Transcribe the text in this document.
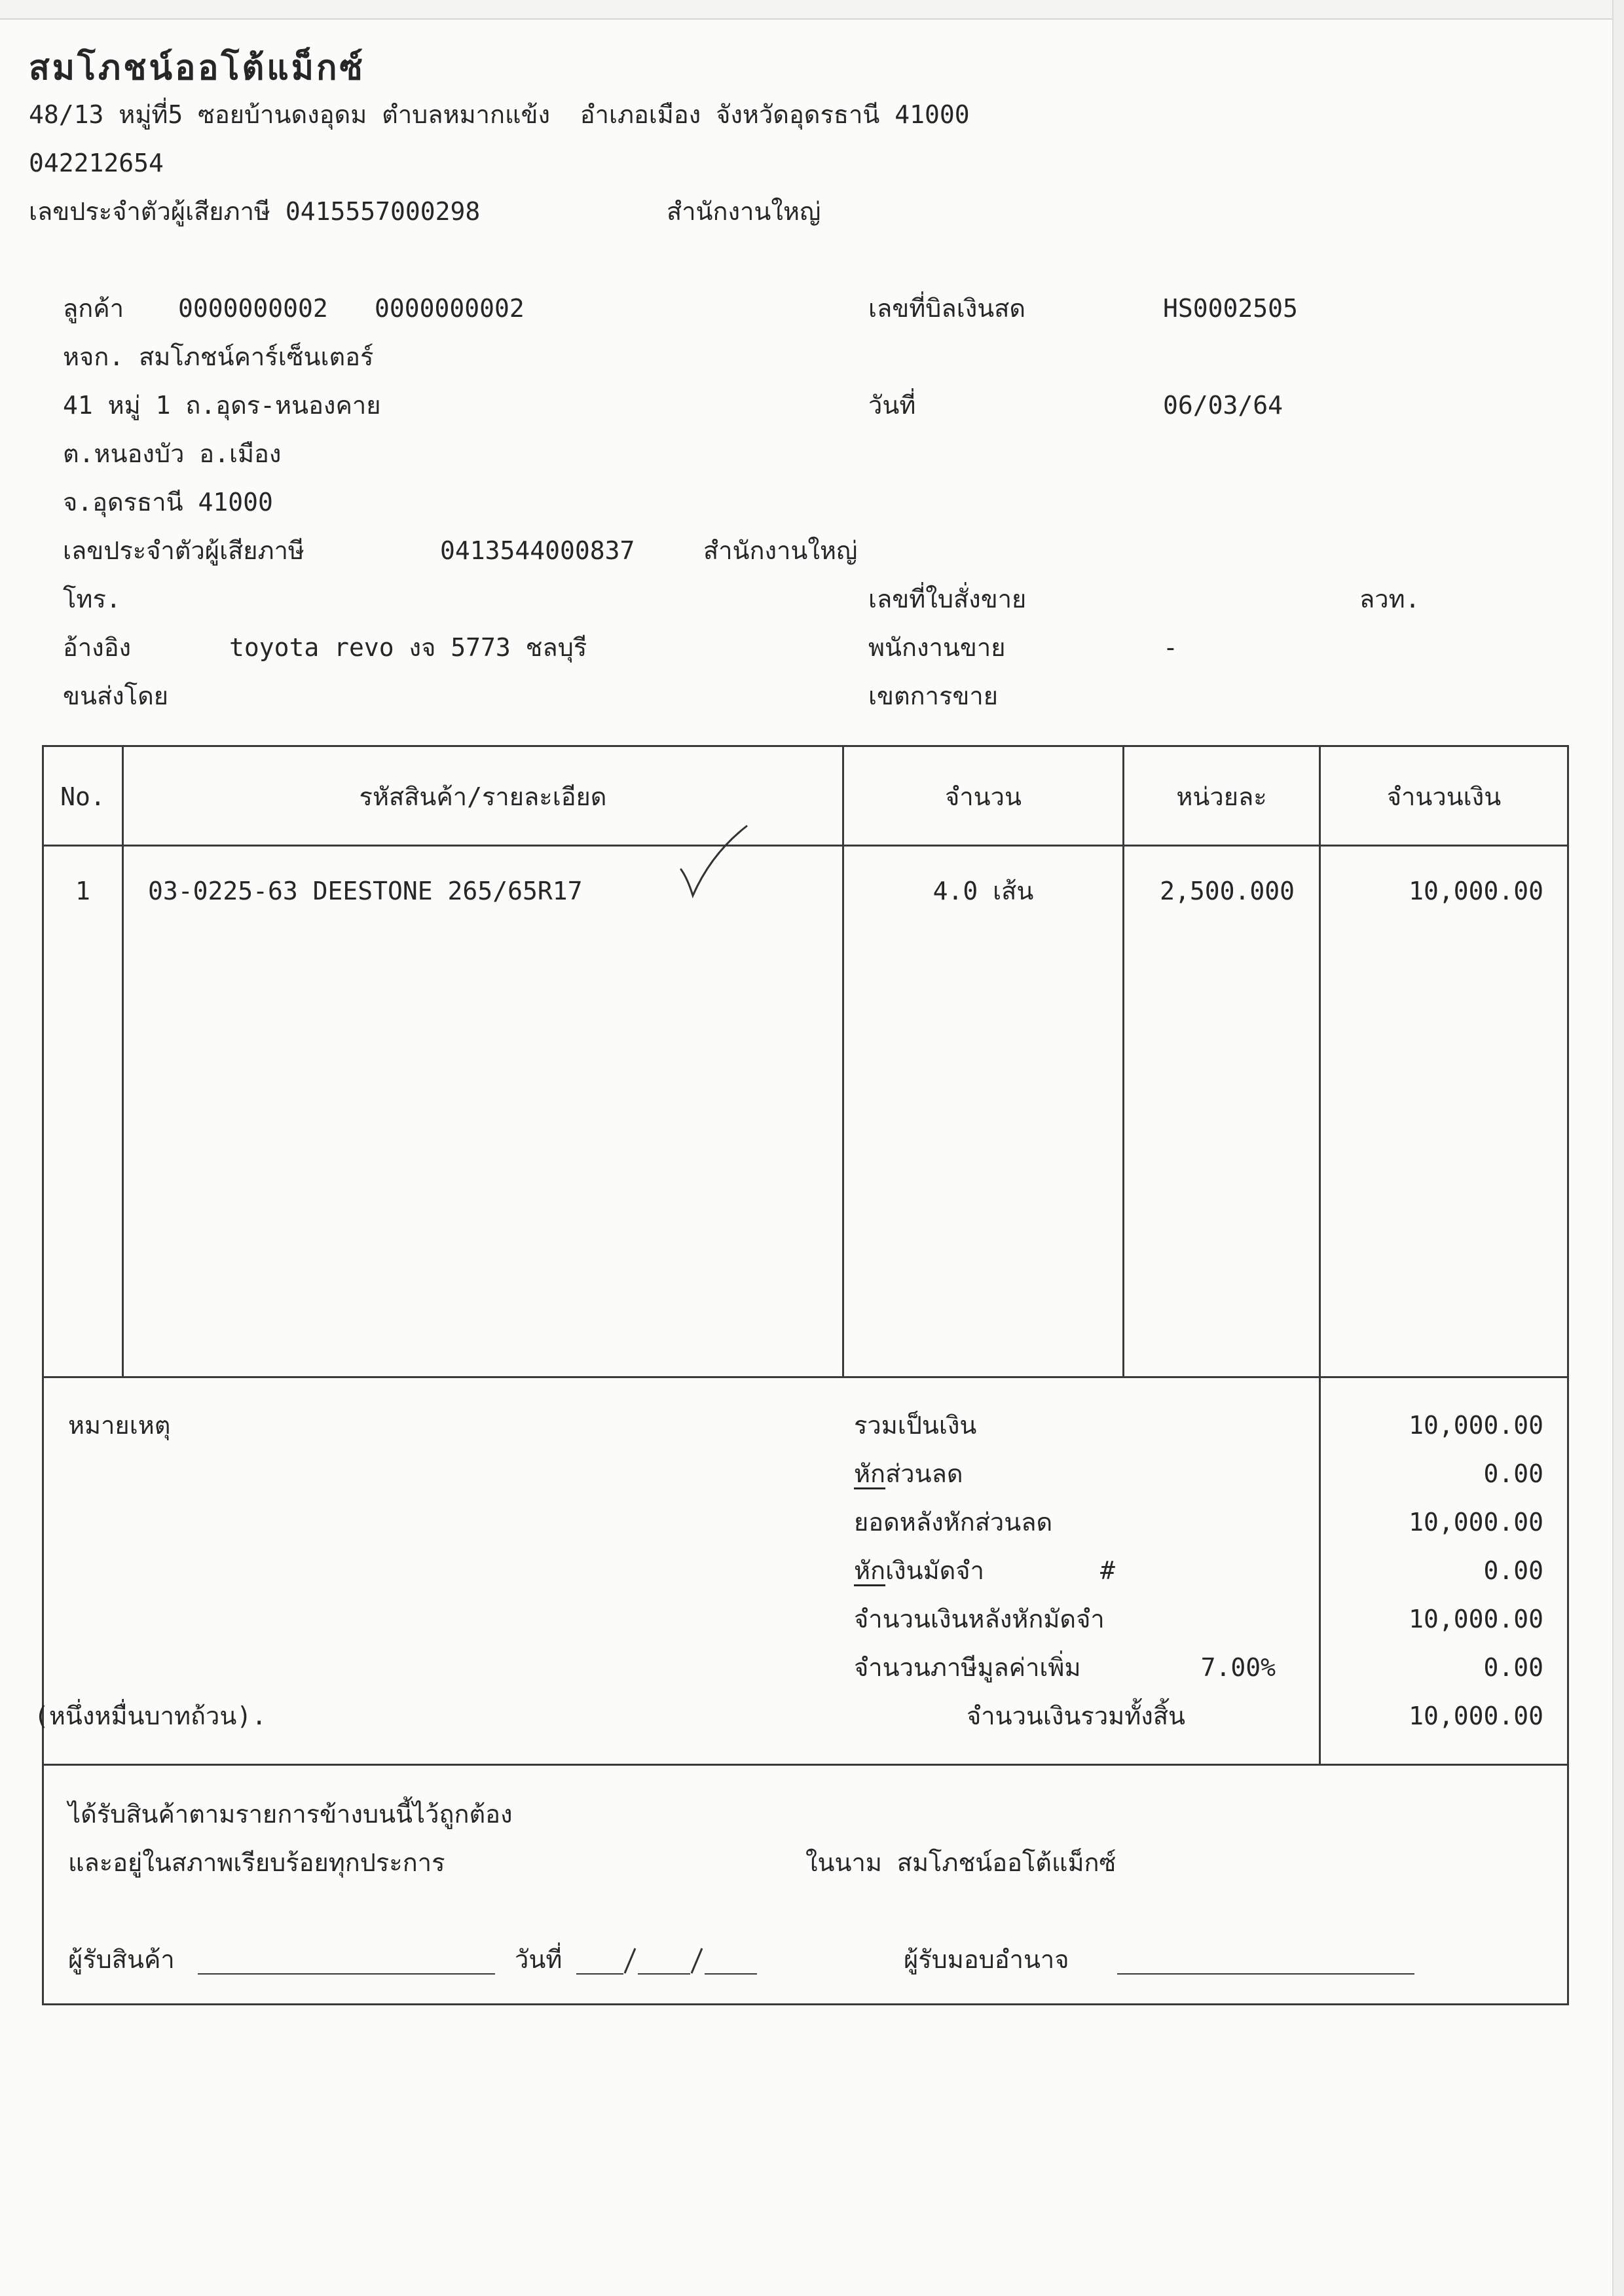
สมโภชน์ออโต้แม็กซ์
48/13 หมู่ที่5 ซอยบ้านดงอุดม ตำบลหมากแข้ง  อำเภอเมือง จังหวัดอุดรธานี 41000
042212654
เลขประจำตัวผู้เสียภาษี 0415557000298	สำนักงานใหญ่
ลูกค้า 0000000002 0000000002
หจก. สมโภชน์คาร์เซ็นเตอร์
41 หมู่ 1 ถ.อุดร-หนองคาย
ต.หนองบัว อ.เมือง
จ.อุดรธานี 41000
เลขประจำตัวผู้เสียภาษี	0413544000837	สำนักงานใหญ่
โทร.
อ้างอิง	toyota revo งจ 5773 ชลบุรี
ขนส่งโดย
เลขที่บิลเงินสด	HS0002505
วันที่	06/03/64
เลขที่ใบสั่งขาย	ลวท.
พนักงานขาย	-
เขตการขาย
No.	รหัสสินค้า/รายละเอียด	จำนวน	หน่วยละ	จำนวนเงิน
1	03-0225-63 DEESTONE 265/65R17	4.0 เส้น	2,500.000	10,000.00
หมายเหตุ	รวมเป็นเงิน	10,000.00
หักส่วนลด	0.00
ยอดหลังหักส่วนลด	10,000.00
หักเงินมัดจำ	#	0.00
จำนวนเงินหลังหักมัดจำ	10,000.00
จำนวนภาษีมูลค่าเพิ่ม	7.00%	0.00
(หนึ่งหมื่นบาทถ้วน).	จำนวนเงินรวมทั้งสิ้น	10,000.00
ได้รับสินค้าตามรายการข้างบนนี้ไว้ถูกต้อง
และอยู่ในสภาพเรียบร้อยทุกประการ	ในนาม สมโภชน์ออโต้แม็กซ์
ผู้รับสินค้า	วันที่	ผู้รับมอบอำนาจ
